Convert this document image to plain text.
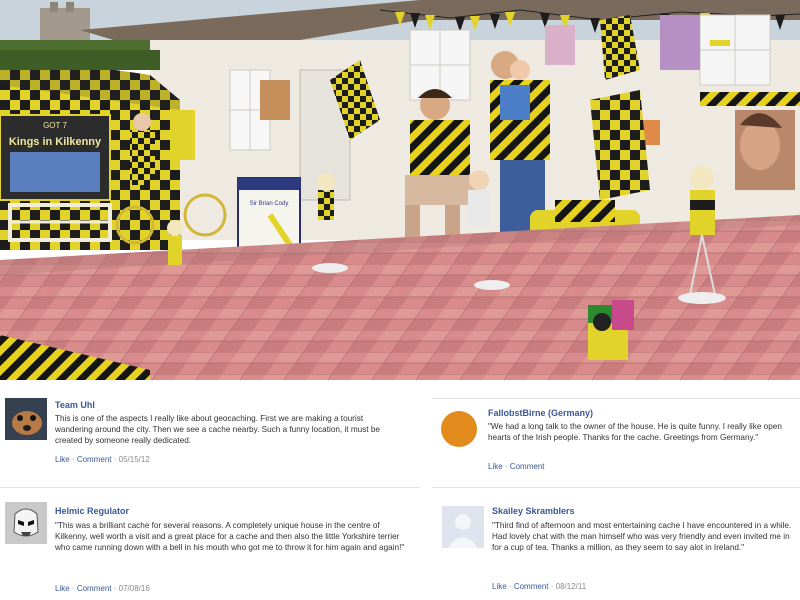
GOT 7
Kings in Kilkenny
Sir Brian Cody
Team Uhl
This is one of the aspects I really like about geocaching. First we are making a tourist wandering around the city. Then we see a cache nearby. Such a funny location, it must be created by someone really dedicated.
Like · Comment · 05/15/12
FallobstBirne (Germany)
"We had a long talk to the owner of the house. He is quite funny. I really like open hearts of the Irish people. Thanks for the cache. Greetings from Germany."
Like · Comment
Helmic Regulator
"This was a brilliant cache for several reasons. A completely unique house in the centre of Kilkenny, well worth a visit and a great place for a cache and then also the little Yorkshire terrier who came running down with a bell in his mouth who got me to throw it for him again and again!"
Like · Comment · 07/08/16
Skailey Skramblers
"Third find of afternoon and most entertaining cache I have encountered in a while. Had lovely chat with the man himself who was very friendly and even invited me in for a cup of tea. Thanks a million, as they seem to say alot in Ireland."
Like · Comment · 08/12/11
